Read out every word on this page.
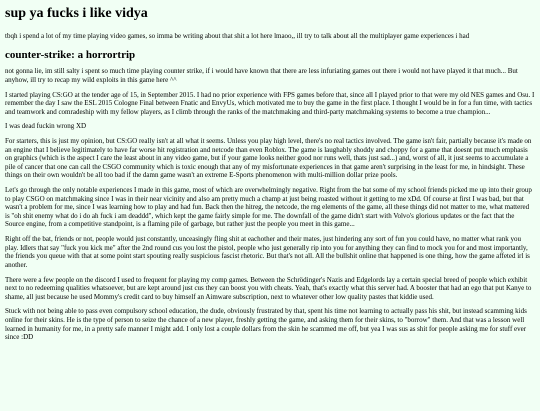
sup ya fucks i like vidya

tbqh i spend a lot of my time playing video games, so imma be writing about that shit a lot here lmaoo,, ill try to talk about all the multiplayer game experiences i had

counter-strike: a horrortrip

not gonna lie, im still salty i spent so much time playing counter strike, if i would have known that there are less infuriating games out there i would not have played it that much... But anyhow, ill try to recap my wild exploits in this game here ^^

I started playing CS:GO at the tender age of 15, in September 2015. I had no prior experience with FPS games before that, since all I played prior to that were my old NES games and Osu. I remember the day I saw the ESL 2015 Cologne Final between Fnatic and EnvyUs, which motivated me to buy the game in the first place. I thought I would be in for a fun time, with tactics and teamwork and comradeship with my fellow players, as I climb through the ranks of the matchmaking and third-party matchmaking systems to become a true champion...

I was dead fuckin wrong XD

For starters, this is just my opinion, but CS:GO really isn't at all what it seems. Unless you play high level, there's no real tactics involved. The game isn't fair, partially because it's made on an engine that I believe legitimately to have far worse hit registration and netcode than even Roblox. The game is laughably shoddy and choppy for a game that doesnt put much emphasis on graphics (which is the aspect I care the least about in any video game, but if your game looks neither good nor runs well, thats just sad...) and, worst of all, it just seems to accumulate a pile of cancer that one can call the CSGO community which is toxic enough that any of my misfortunate experiences in that game aren't surprising in the least for me, in hindsight. These things on their own wouldn't be all too bad if the damn game wasn't an extreme E-Sports phenomenon with multi-million dollar prize pools.

Let's go through the only notable experiences I made in this game, most of which are overwhelmingly negative. Right from the bat some of my school friends picked me up into their group to play CSGO on matchmaking since I was in their near vicinity and also am pretty much a champ at just being roasted without it getting to me xDd. Of course at first I was bad, but that wasn't a problem for me, since I was learning how to play and had fun. Back then the hitreg, the netcode, the rng elements of the game, all these things did not matter to me, what mattered is "oh shit enemy what do i do ah fuck i am deaddd", which kept the game fairly simple for me. The downfall of the game didn't start with Volvo's glorious updates or the fact that the Source engine, from a competitive standpoint, is a flaming pile of garbage, but rather just the people you meet in this game...

Right off the bat, friends or not, people would just constantly, unceasingly fling shit at eachother and their mates, just hindering any sort of fun you could have, no matter what rank you play. Idlers that say "fuck you kick me" after the 2nd round cus you lost the pistol, people who just generally rip into you for anything they can find to mock you for and most importantly, the friends you queue with that at some point start spouting really suspicious fascist rhetoric. But that's not all. All the bullshit online that happened is one thing, how the game affeted irl is another.

There were a few people on the discord I used to frequent for playing my comp games. Between the Schrödinger's Nazis and Edgelords lay a certain special breed of people which exhibit next to no redeeming qualities whatsoever, but are kept around just cus they can boost you with cheats. Yeah, that's exactly what this server had. A booster that had an ego that put Kanye to shame, all just because he used Mommy's credit card to buy himself an Aimware subscription, next to whatever other low quality pastes that kiddie used.

Stuck with not being able to pass even compulsory school education, the dude, obviously frustrated by that, spent his time not learning to actually pass his shit, but instead scamming kids online for their skins. He is the type of person to seize the chance of a new player, freshly getting the game, and asking them for their skins, to "borrow" them. And that was a lesson well learned in humanity for me, in a pretty safe manner I might add. I only lost a couple dollars from the skin he scammed me off, but yea I was sus as shit for people asking me for stuff ever since :DD
